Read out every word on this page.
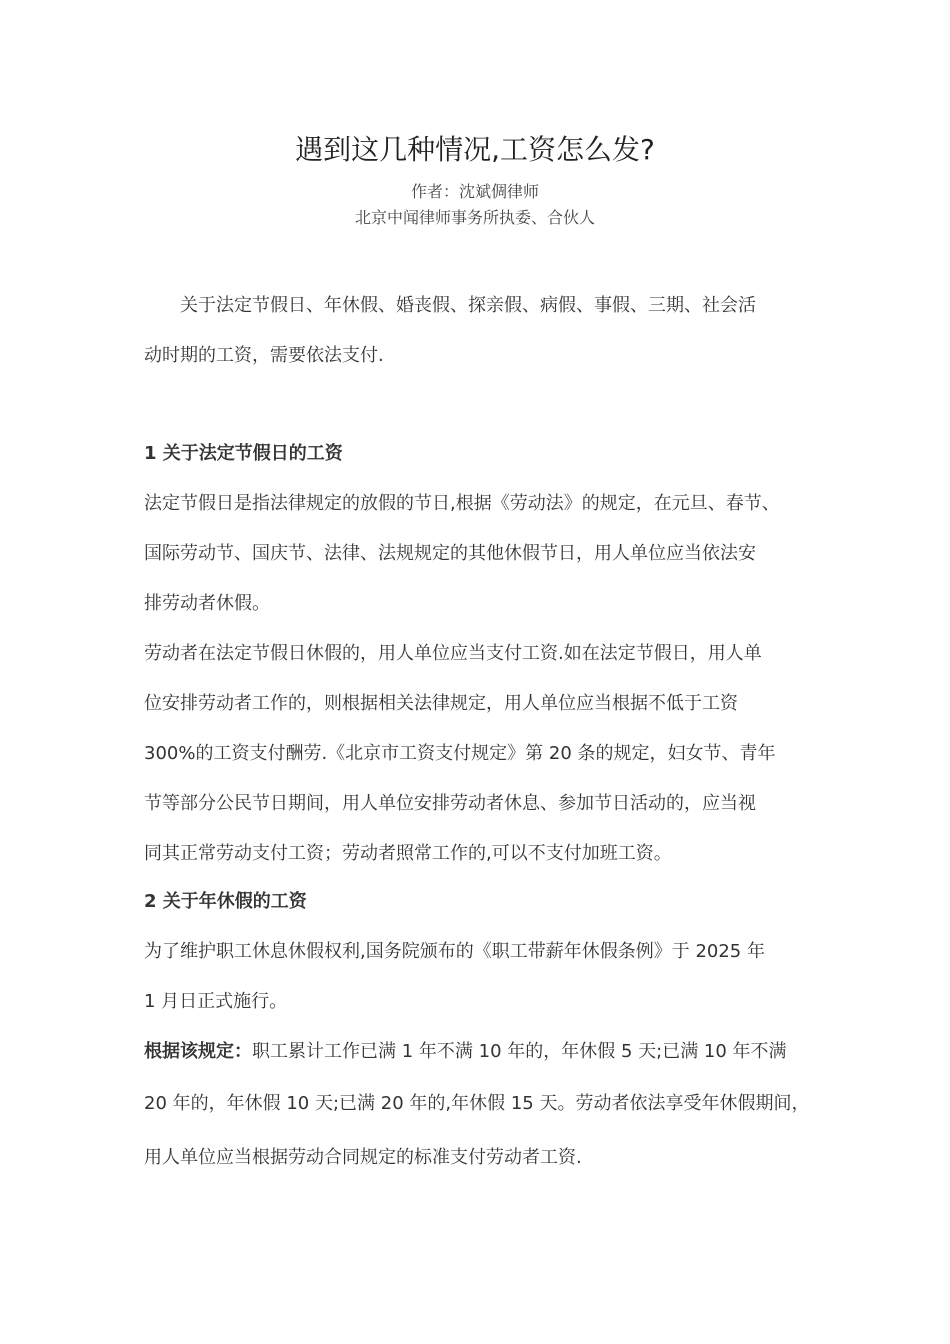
遇到这几种情况,工资怎么发?
作者：沈斌倜律师
北京中闻律师事务所执委、合伙人
关于法定节假日、年休假、婚丧假、探亲假、病假、事假、三期、社会活
动时期的工资，需要依法支付.
1 关于法定节假日的工资
法定节假日是指法律规定的放假的节日,根据《劳动法》的规定，在元旦、春节、
国际劳动节、国庆节、法律、法规规定的其他休假节日，用人单位应当依法安
排劳动者休假。
劳动者在法定节假日休假的，用人单位应当支付工资.如在法定节假日，用人单
位安排劳动者工作的，则根据相关法律规定，用人单位应当根据不低于工资
300%的工资支付酬劳.《北京市工资支付规定》第 20 条的规定，妇女节、青年
节等部分公民节日期间，用人单位安排劳动者休息、参加节日活动的，应当视
同其正常劳动支付工资；劳动者照常工作的,可以不支付加班工资。
2 关于年休假的工资
为了维护职工休息休假权利,国务院颁布的《职工带薪年休假条例》于 2025 年
1 月日正式施行。
根据该规定：职工累计工作已满 1 年不满 10 年的，年休假 5 天;已满 10 年不满
20 年的，年休假 10 天;已满 20 年的,年休假 15 天。劳动者依法享受年休假期间，
用人单位应当根据劳动合同规定的标准支付劳动者工资.
